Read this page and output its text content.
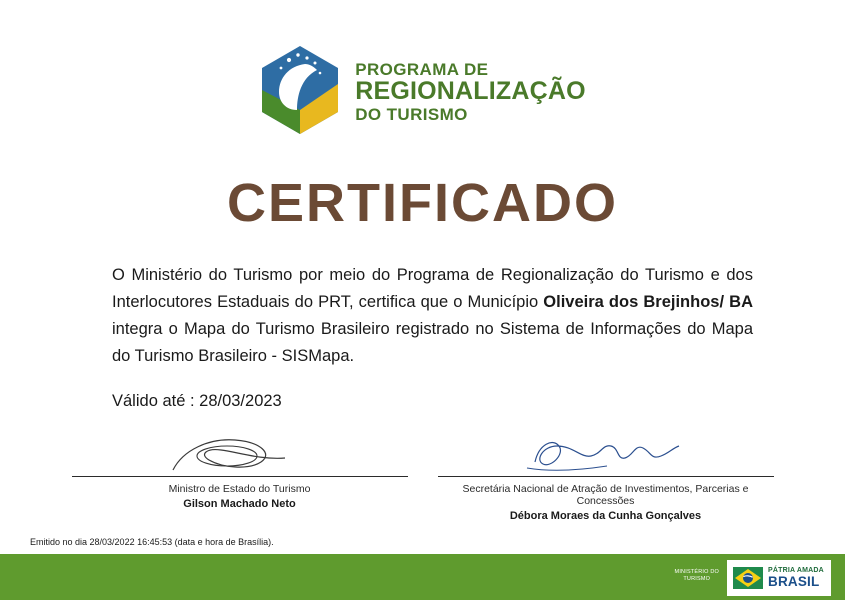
PROGRAMA DE
REGIONALIZAÇÃO
DO TURISMO
CERTIFICADO
O Ministério do Turismo por meio do Programa de Regionalização do Turismo e dos Interlocutores Estaduais do PRT, certifica que o Município Oliveira dos Brejinhos/ BA integra o Mapa do Turismo Brasileiro registrado no Sistema de Informações do Mapa do Turismo Brasileiro - SISMapa.
Válido até : 28/03/2023
Ministro de Estado do Turismo
Gilson Machado Neto
Secretária Nacional de Atração de Investimentos, Parcerias e Concessões
Débora Moraes da Cunha Gonçalves
Emitido no dia 28/03/2022 16:45:53 (data e hora de Brasília).
MINISTÉRIO DO
TURISMO
PÁTRIA AMADA
BRASIL
